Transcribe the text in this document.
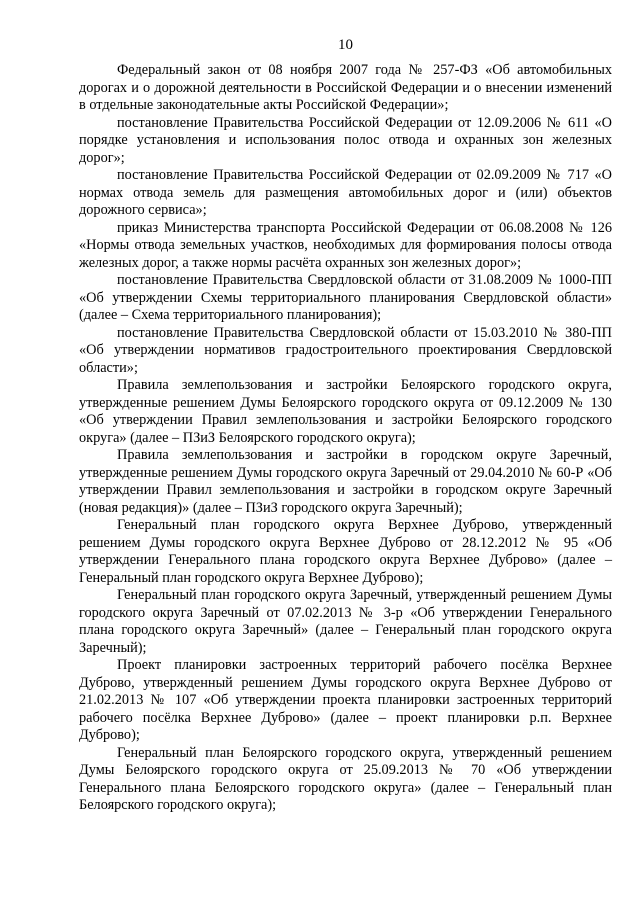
10

Федеральный закон от 08 ноября 2007 года № 257-ФЗ «Об автомобильных дорогах и о дорожной деятельности в Российской Федерации и о внесении изменений в отдельные законодательные акты Российской Федерации»;

постановление Правительства Российской Федерации от 12.09.2006 № 611 «О порядке установления и использования полос отвода и охранных зон железных дорог»;

постановление Правительства Российской Федерации от 02.09.2009 № 717 «О нормах отвода земель для размещения автомобильных дорог и (или) объектов дорожного сервиса»;

приказ Министерства транспорта Российской Федерации от 06.08.2008 № 126 «Нормы отвода земельных участков, необходимых для формирования полосы отвода железных дорог, а также нормы расчёта охранных зон железных дорог»;

постановление Правительства Свердловской области от 31.08.2009 № 1000-ПП «Об утверждении Схемы территориального планирования Свердловской области» (далее – Схема территориального планирования);

постановление Правительства Свердловской области от 15.03.2010 № 380-ПП «Об утверждении нормативов градостроительного проектирования Свердловской области»;

Правила землепользования и застройки Белоярского городского округа, утвержденные решением Думы Белоярского городского округа от 09.12.2009 № 130 «Об утверждении Правил землепользования и застройки Белоярского городского округа» (далее – ПЗиЗ Белоярского городского округа);

Правила землепользования и застройки в городском округе Заречный, утвержденные решением Думы городского округа Заречный от 29.04.2010 № 60-Р «Об утверждении Правил землепользования и застройки в городском округе Заречный (новая редакция)» (далее – ПЗиЗ городского округа Заречный);

Генеральный план городского округа Верхнее Дуброво, утвержденный решением Думы городского округа Верхнее Дуброво от 28.12.2012 № 95 «Об утверждении Генерального плана городского округа Верхнее Дуброво» (далее – Генеральный план городского округа Верхнее Дуброво);

Генеральный план городского округа Заречный, утвержденный решением Думы городского округа Заречный от 07.02.2013 № 3-р «Об утверждении Генерального плана городского округа Заречный» (далее – Генеральный план городского округа Заречный);

Проект планировки застроенных территорий рабочего посёлка Верхнее Дуброво, утвержденный решением Думы городского округа Верхнее Дуброво от 21.02.2013 № 107 «Об утверждении проекта планировки застроенных территорий рабочего посёлка Верхнее Дуброво» (далее – проект планировки р.п. Верхнее Дуброво);

Генеральный план Белоярского городского округа, утвержденный решением Думы Белоярского городского округа от 25.09.2013 № 70 «Об утверждении Генерального плана Белоярского городского округа» (далее – Генеральный план Белоярского городского округа);
